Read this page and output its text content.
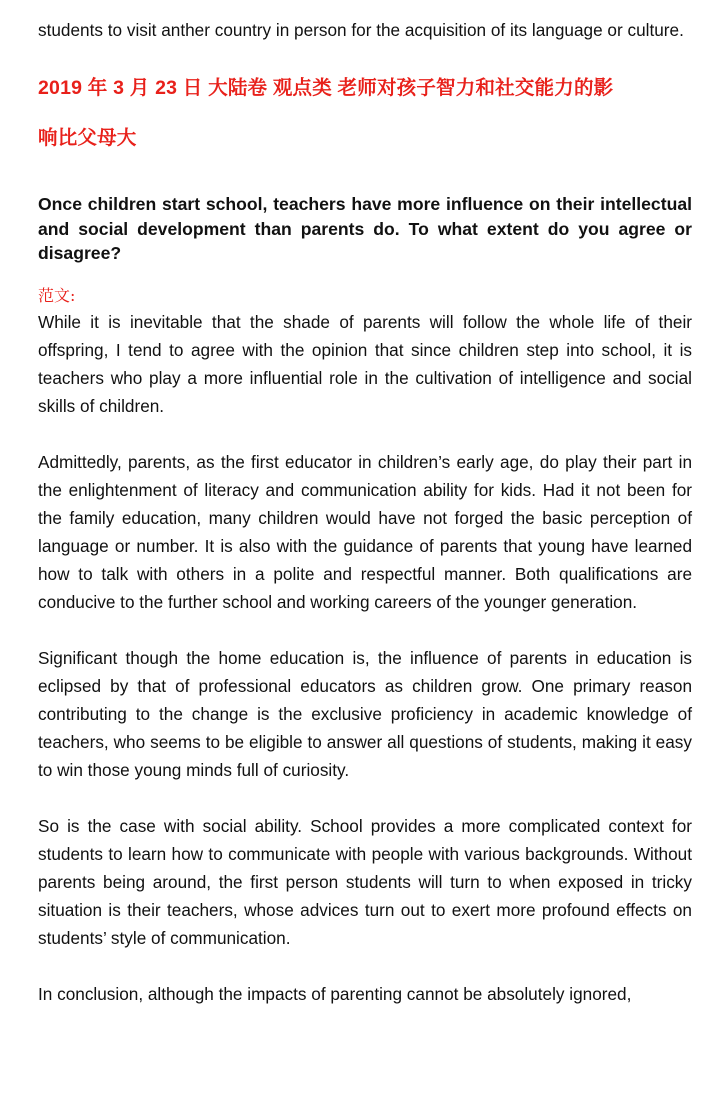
students to visit anther country in person for the acquisition of its language or culture.

2019 年 3 月 23 日 大陆卷 观点类 老师对孩子智力和社交能力的影
响比父母大
Once children start school, teachers have more influence on their intellectual and social development than parents do. To what extent do you agree or disagree?
范文:

While it is inevitable that the shade of parents will follow the whole life of their offspring, I tend to agree with the opinion that since children step into school, it is teachers who play a more influential role in the cultivation of intelligence and social skills of children.

Admittedly, parents, as the first educator in children’s early age, do play their part in the enlightenment of literacy and communication ability for kids. Had it not been for the family education, many children would have not forged the basic perception of language or number. It is also with the guidance of parents that young have learned how to talk with others in a polite and respectful manner. Both qualifications are conducive to the further school and working careers of the younger generation.

Significant though the home education is, the influence of parents in education is eclipsed by that of professional educators as children grow. One primary reason contributing to the change is the exclusive proficiency in academic knowledge of teachers, who seems to be eligible to answer all questions of students, making it easy to win those young minds full of curiosity.

So is the case with social ability. School provides a more complicated context for students to learn how to communicate with people with various backgrounds. Without parents being around, the first person students will turn to when exposed in tricky situation is their teachers, whose advices turn out to exert more profound effects on students’ style of communication.

In conclusion, although the impacts of parenting cannot be absolutely ignored,
